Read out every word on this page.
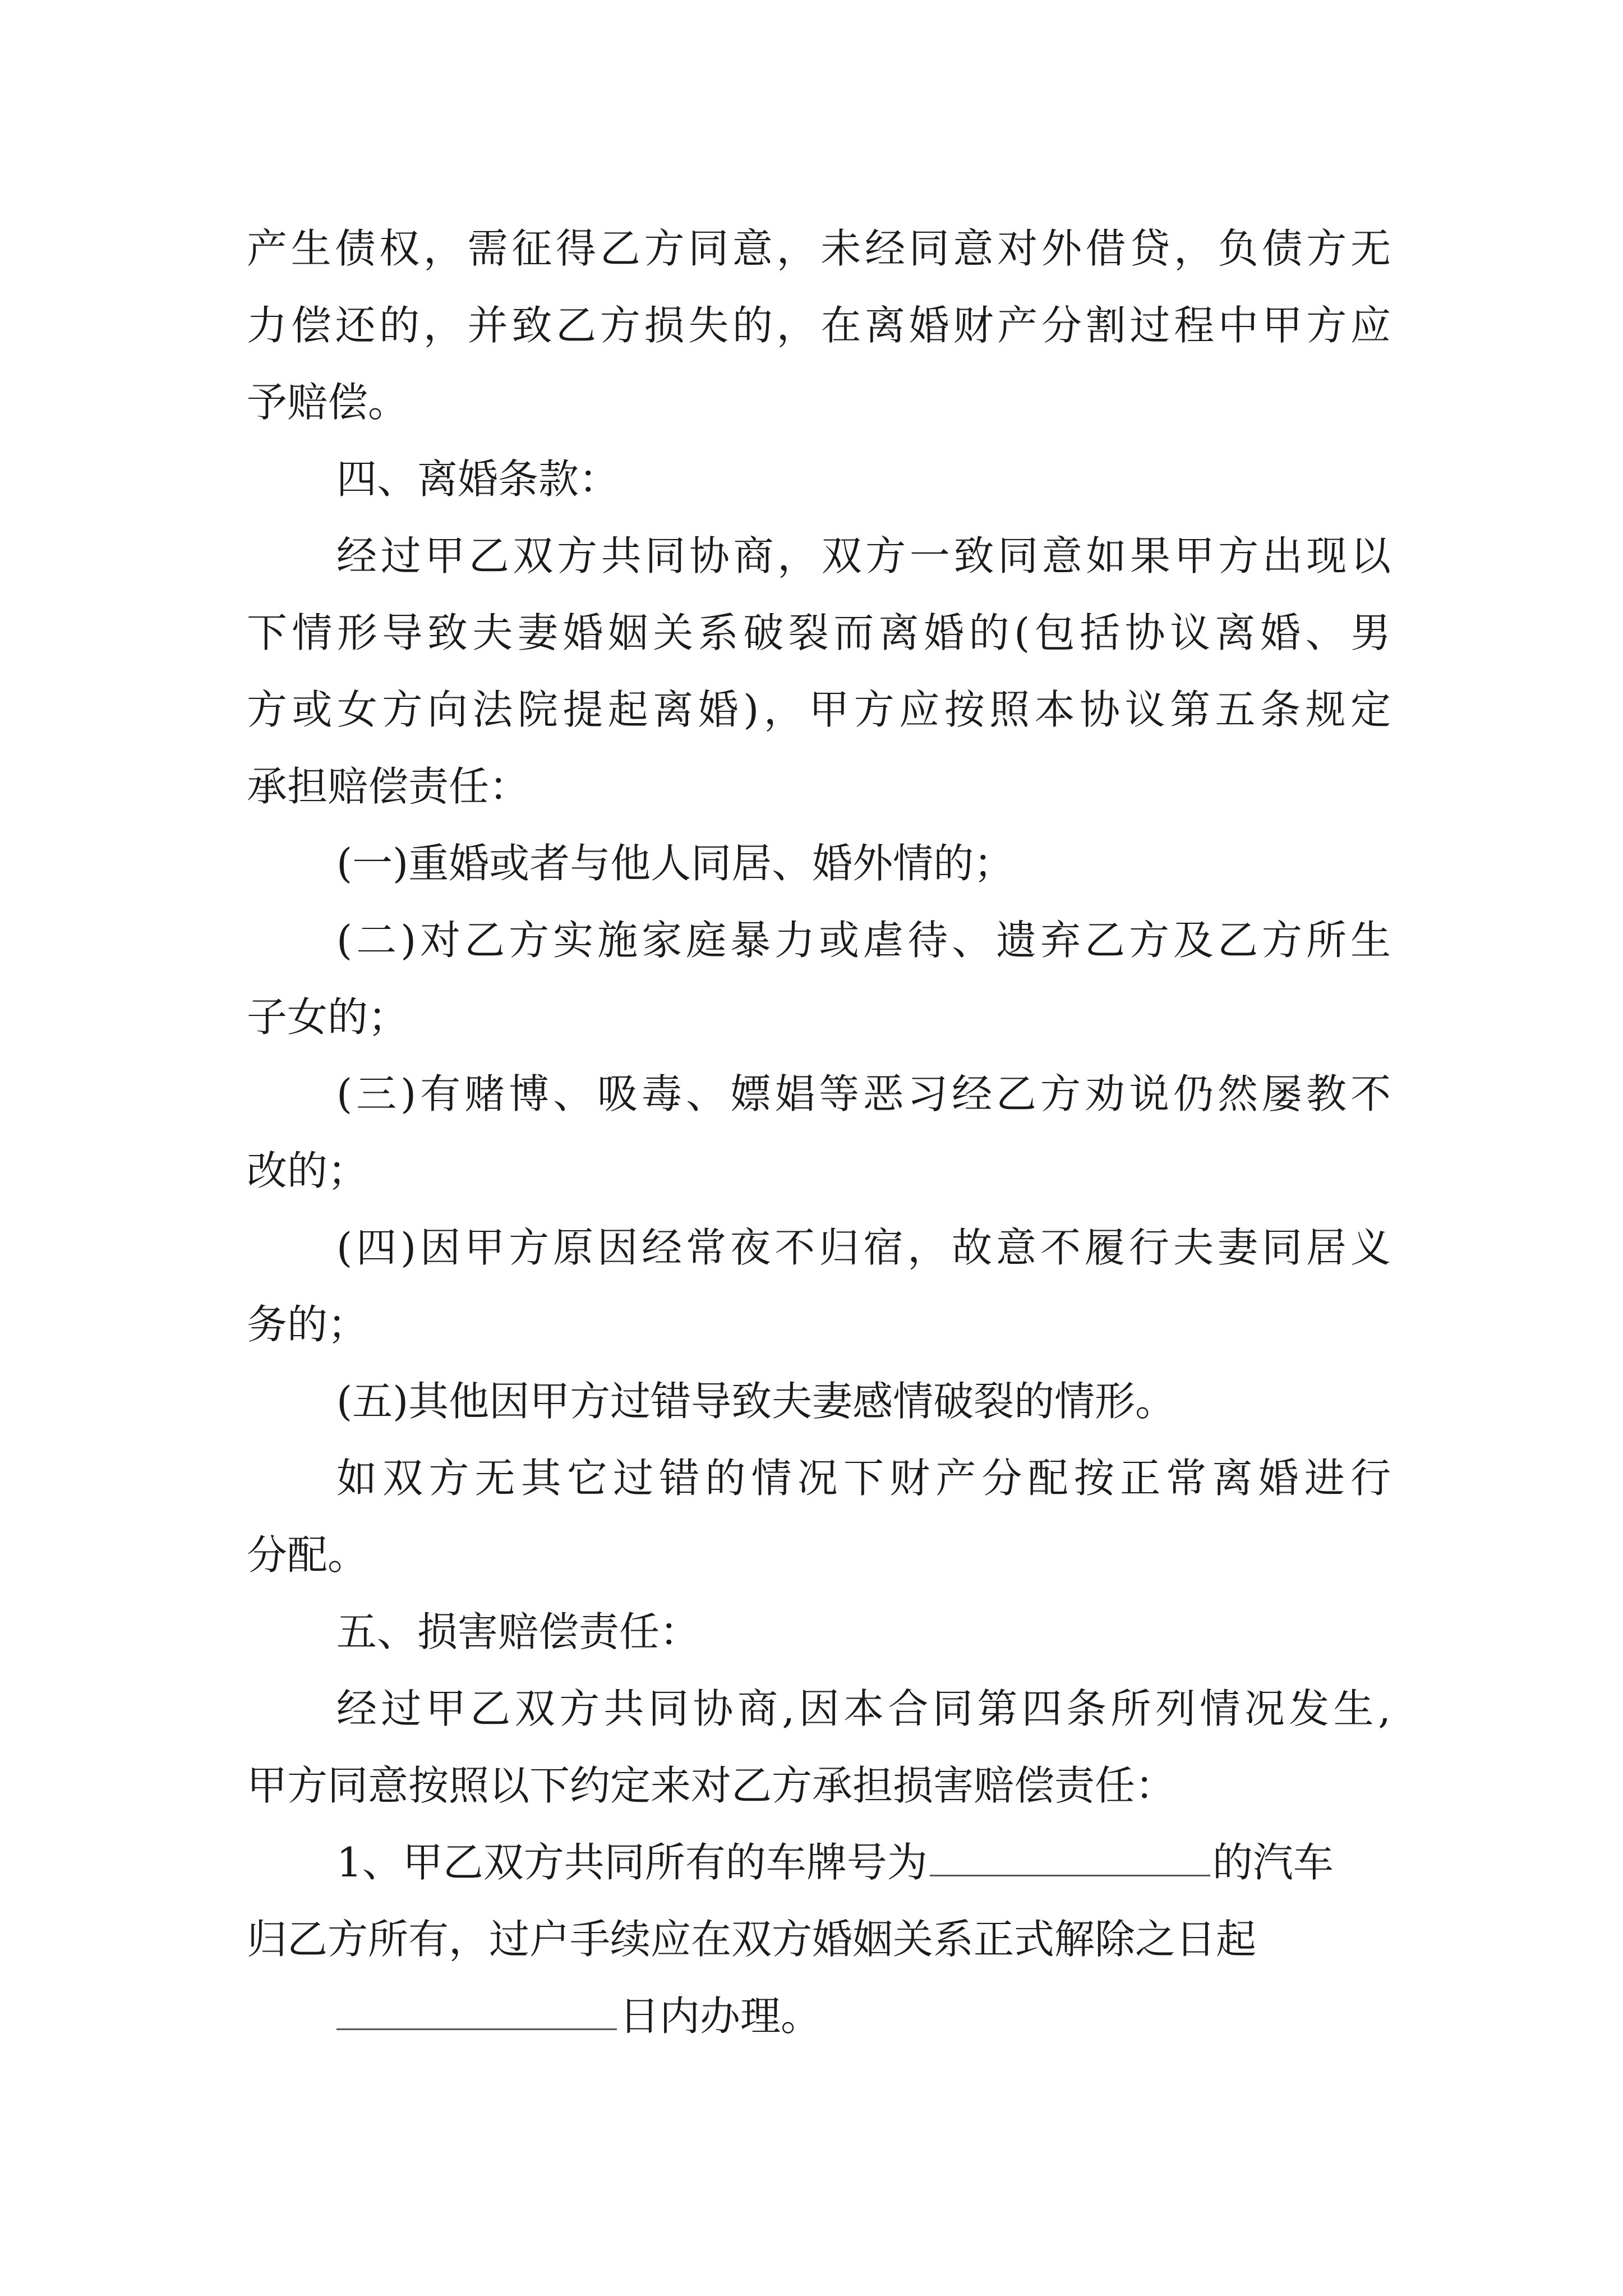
产生债权，需征得乙方同意，未经同意对外借贷，负债方无
力偿还的，并致乙方损失的，在离婚财产分割过程中甲方应
予赔偿。
四、离婚条款：
经过甲乙双方共同协商，双方一致同意如果甲方出现以
下情形导致夫妻婚姻关系破裂而离婚的(包括协议离婚、男
方或女方向法院提起离婚)，甲方应按照本协议第五条规定
承担赔偿责任：
(一)重婚或者与他人同居、婚外情的；
(二)对乙方实施家庭暴力或虐待、遗弃乙方及乙方所生
子女的；
(三)有赌博、吸毒、嫖娼等恶习经乙方劝说仍然屡教不
改的；
(四)因甲方原因经常夜不归宿，故意不履行夫妻同居义
务的；
(五)其他因甲方过错导致夫妻感情破裂的情形。
如双方无其它过错的情况下财产分配按正常离婚进行
分配。
五、损害赔偿责任：
经过甲乙双方共同协商,因本合同第四条所列情况发生,
甲方同意按照以下约定来对乙方承担损害赔偿责任：
1、甲乙双方共同所有的车牌号为	的汽车
归乙方所有，过户手续应在双方婚姻关系正式解除之日起
日内办理。
